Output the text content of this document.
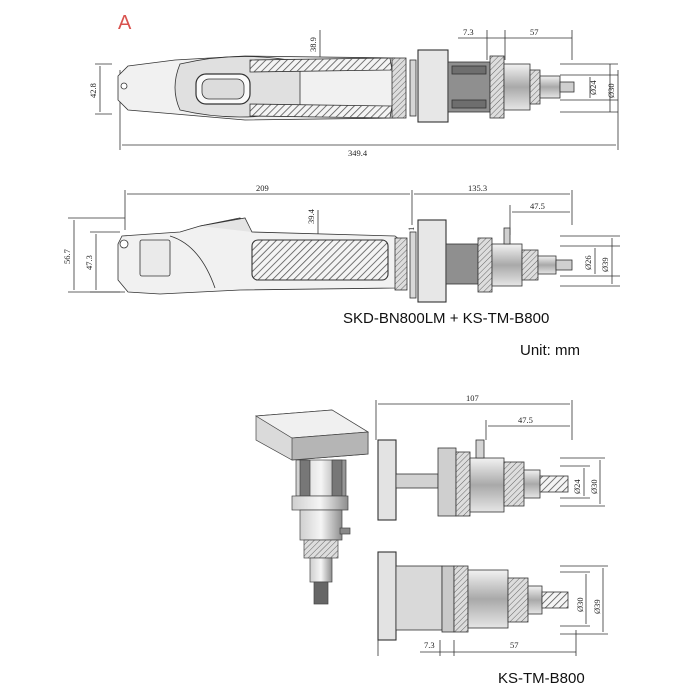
A
38.9
42.8
7.3	57
Ø24 Ø30
349.4
209	135.3
47.5
39.4
1
56.7 47.3	Ø26 Ø39
SKD-BN800LM + KS-TM-B800
Unit: mm
107
47.5
Ø24 Ø30
7.3	57
Ø30 Ø39
KS-TM-B800
